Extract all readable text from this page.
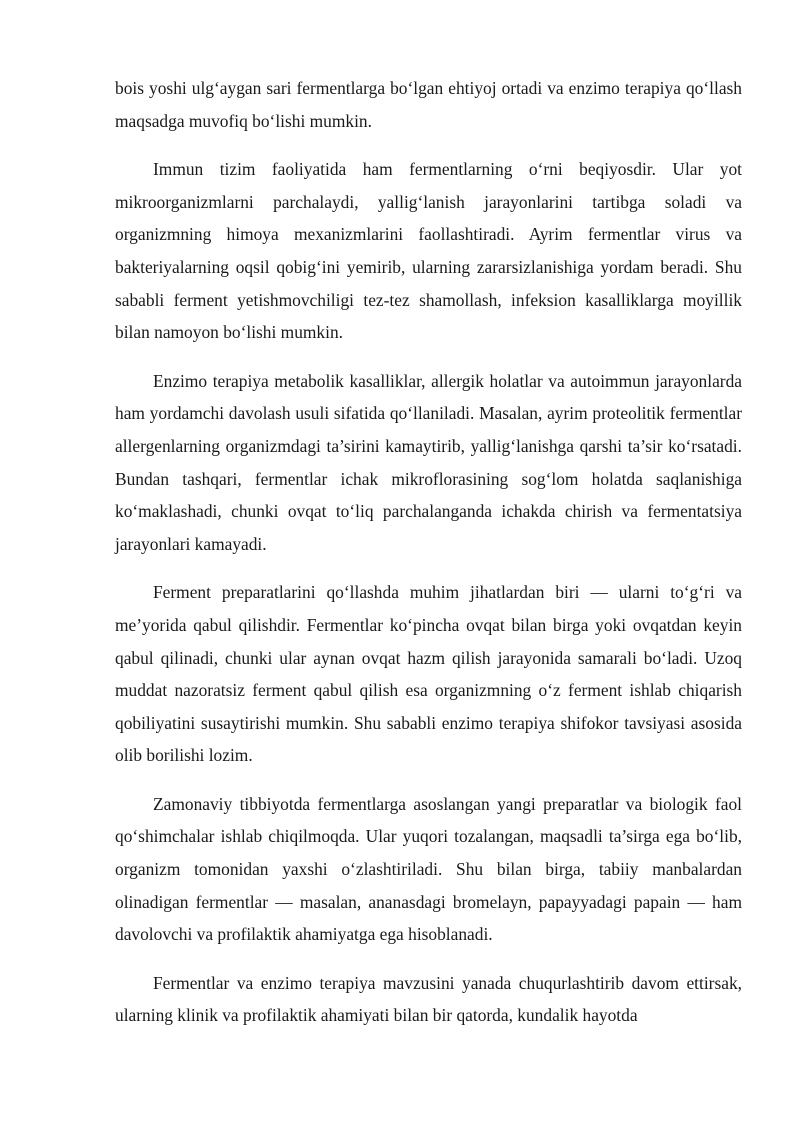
bois yoshi ulg‘aygan sari fermentlarga bo‘lgan ehtiyoj ortadi va enzimo terapiya qo‘llash maqsadga muvofiq bo‘lishi mumkin.

Immun tizim faoliyatida ham fermentlarning o‘rni beqiyosdir. Ular yot mikroorganizmlarni parchalaydi, yallig‘lanish jarayonlarini tartibga soladi va organizmning himoya mexanizmlarini faollashtiradi. Ayrim fermentlar virus va bakteriyalarning oqsil qobig‘ini yemirib, ularning zararsizlanishiga yordam beradi. Shu sababli ferment yetishmovchiligi tez-tez shamollash, infeksion kasalliklarga moyillik bilan namoyon bo‘lishi mumkin.

Enzimo terapiya metabolik kasalliklar, allergik holatlar va autoimmun jarayonlarda ham yordamchi davolash usuli sifatida qo‘llaniladi. Masalan, ayrim proteolitik fermentlar allergenlarning organizmdagi ta’sirini kamaytirib, yallig‘lanishga qarshi ta’sir ko‘rsatadi. Bundan tashqari, fermentlar ichak mikroflorasining sog‘lom holatda saqlanishiga ko‘maklashadi, chunki ovqat to‘liq parchalanganda ichakda chirish va fermentatsiya jarayonlari kamayadi.

Ferment preparatlarini qo‘llashda muhim jihatlardan biri — ularni to‘g‘ri va me’yorida qabul qilishdir. Fermentlar ko‘pincha ovqat bilan birga yoki ovqatdan keyin qabul qilinadi, chunki ular aynan ovqat hazm qilish jarayonida samarali bo‘ladi. Uzoq muddat nazoratsiz ferment qabul qilish esa organizmning o‘z ferment ishlab chiqarish qobiliyatini susaytirishi mumkin. Shu sababli enzimo terapiya shifokor tavsiyasi asosida olib borilishi lozim.

Zamonaviy tibbiyotda fermentlarga asoslangan yangi preparatlar va biologik faol qo‘shimchalar ishlab chiqilmoqda. Ular yuqori tozalangan, maqsadli ta’sirga ega bo‘lib, organizm tomonidan yaxshi o‘zlashtiriladi. Shu bilan birga, tabiiy manbalardan olinadigan fermentlar — masalan, ananasdagi bromelayn, papayyadagi papain — ham davolovchi va profilaktik ahamiyatga ega hisoblanadi.

Fermentlar va enzimo terapiya mavzusini yanada chuqurlashtirib davom ettirsak, ularning klinik va profilaktik ahamiyati bilan bir qatorda, kundalik hayotda
